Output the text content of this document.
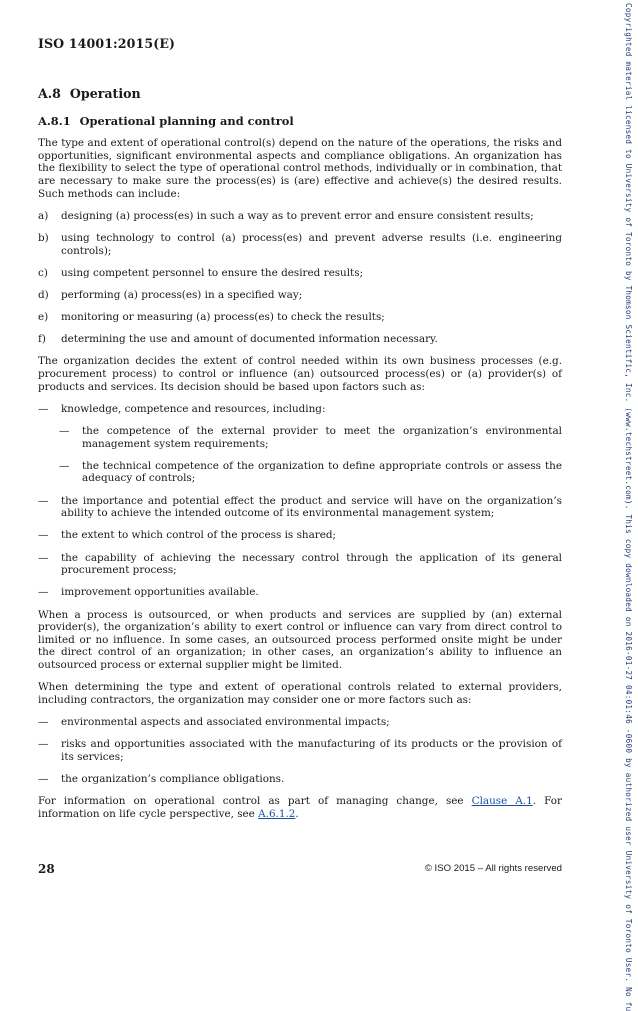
ISO 14001:2015(E)
A.8 Operation
A.8.1 Operational planning and control

The type and extent of operational control(s) depend on the nature of the operations, the risks and opportunities, significant environmental aspects and compliance obligations. An organization has the flexibility to select the type of operational control methods, individually or in combination, that are necessary to make sure the process(es) is (are) effective and achieve(s) the desired results. Such methods can include:

a) designing (a) process(es) in such a way as to prevent error and ensure consistent results;
b) using technology to control (a) process(es) and prevent adverse results (i.e. engineering controls);
c) using competent personnel to ensure the desired results;
d) performing (a) process(es) in a specified way;
e) monitoring or measuring (a) process(es) to check the results;
f) determining the use and amount of documented information necessary.

The organization decides the extent of control needed within its own business processes (e.g. procurement process) to control or influence (an) outsourced process(es) or (a) provider(s) of products and services. Its decision should be based upon factors such as:

— knowledge, competence and resources, including:
— the competence of the external provider to meet the organization’s environmental management system requirements;
— the technical competence of the organization to define appropriate controls or assess the adequacy of controls;
— the importance and potential effect the product and service will have on the organization’s ability to achieve the intended outcome of its environmental management system;
— the extent to which control of the process is shared;
— the capability of achieving the necessary control through the application of its general procurement process;
— improvement opportunities available.

When a process is outsourced, or when products and services are supplied by (an) external provider(s), the organization’s ability to exert control or influence can vary from direct control to limited or no influence. In some cases, an outsourced process performed onsite might be under the direct control of an organization; in other cases, an organization’s ability to influence an outsourced process or external supplier might be limited.

When determining the type and extent of operational controls related to external providers, including contractors, the organization may consider one or more factors such as:

— environmental aspects and associated environmental impacts;
— risks and opportunities associated with the manufacturing of its products or the provision of its services;
— the organization’s compliance obligations.

For information on operational control as part of managing change, see Clause A.1. For information on life cycle perspective, see A.6.1.2.

28	© ISO 2015 – All rights reserved	Copyrighted material licensed to University of Toronto by Thomson Scientific, Inc. (www.techstreet.com). This copy downloaded on 2016-01-27 04:01:46 -0600 by authorized user University of Toronto User. No fu
